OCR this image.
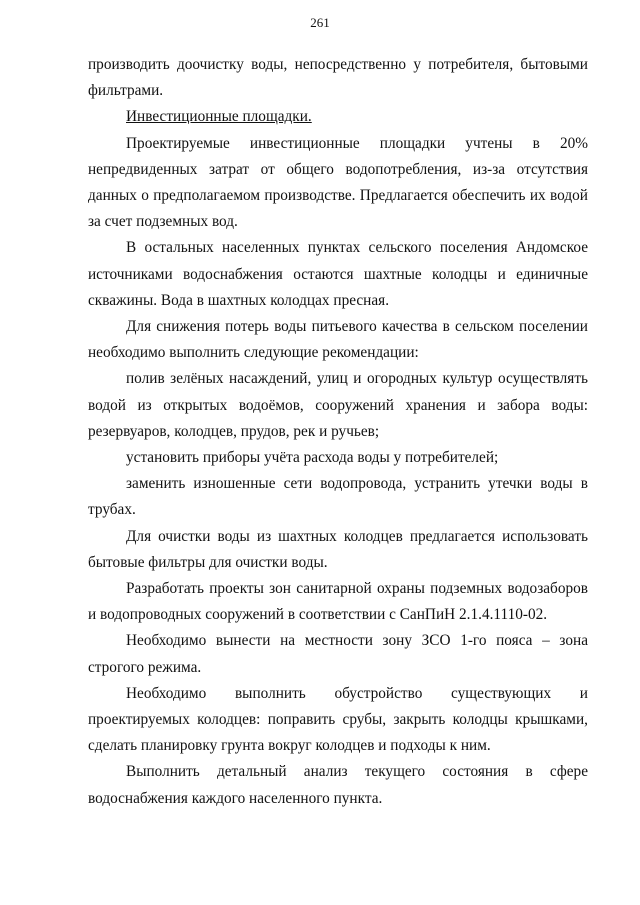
261

производить доочистку воды, непосредственно у потребителя, бытовыми фильтрами.

Инвестиционные площадки.

Проектируемые инвестиционные площадки учтены в 20% непредвиденных затрат от общего водопотребления, из-за отсутствия данных о предполагаемом производстве. Предлагается обеспечить их водой за счет подземных вод.

В остальных населенных пунктах сельского поселения Андомское источниками водоснабжения остаются шахтные колодцы и единичные скважины. Вода в шахтных колодцах пресная.

Для снижения потерь воды питьевого качества в сельском поселении необходимо выполнить следующие рекомендации:

полив зелёных насаждений, улиц и огородных культур осуществлять водой из открытых водоёмов, сооружений хранения и забора воды: резервуаров, колодцев, прудов, рек и ручьев;

установить приборы учёта расхода воды у потребителей;

заменить изношенные сети водопровода, устранить утечки воды в трубах.

Для очистки воды из шахтных колодцев предлагается использовать бытовые фильтры для очистки воды.

Разработать проекты зон санитарной охраны подземных водозаборов и водопроводных сооружений в соответствии с СанПиН 2.1.4.1110-02.

Необходимо вынести на местности зону ЗСО 1-го пояса – зона строгого режима.

Необходимо выполнить обустройство существующих и проектируемых колодцев: поправить срубы, закрыть колодцы крышками, сделать планировку грунта вокруг колодцев и подходы к ним.

Выполнить детальный анализ текущего состояния в сфере водоснабжения каждого населенного пункта.
